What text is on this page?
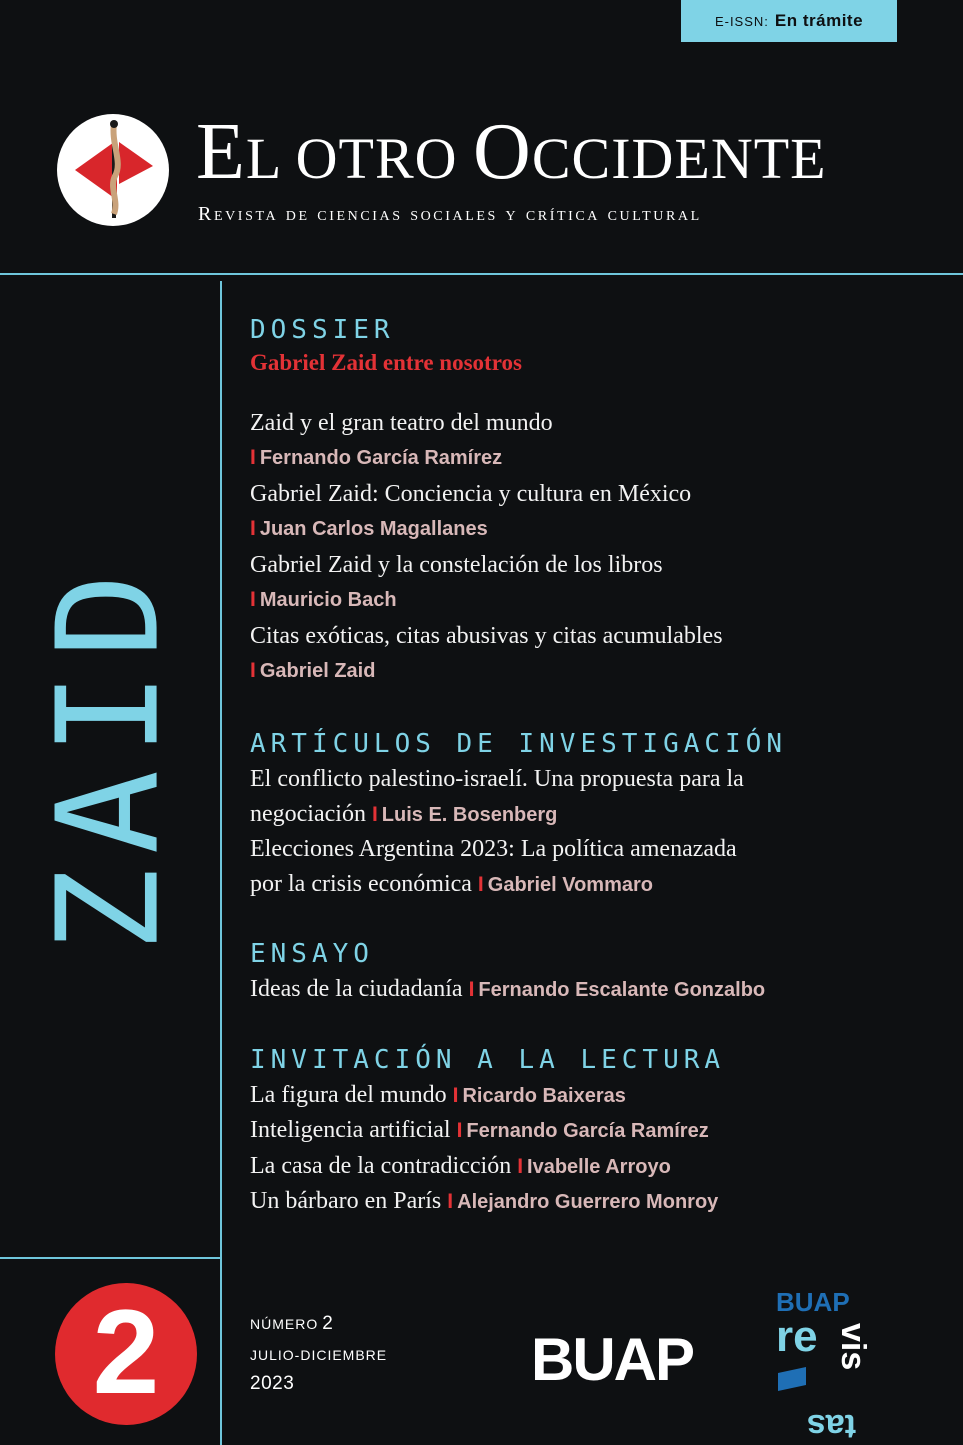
E-ISSN: En trámite
EL OTRO OCCIDENTE
Revista de ciencias sociales y crítica cultural
ZAID
DOSSIER
Gabriel Zaid entre nosotros
Zaid y el gran teatro del mundo
I Fernando García Ramírez
Gabriel Zaid: Conciencia y cultura en México
I Juan Carlos Magallanes
Gabriel Zaid y la constelación de los libros
I Mauricio Bach
Citas exóticas, citas abusivas y citas acumulables
I Gabriel Zaid
ARTÍCULOS DE INVESTIGACIÓN
El conflicto palestino-israelí. Una propuesta para la
negociación I Luis E. Bosenberg
Elecciones Argentina 2023: La política amenazada
por la crisis económica I Gabriel Vommaro
ENSAYO
Ideas de la ciudadanía I Fernando Escalante Gonzalbo
INVITACIÓN A LA LECTURA
La figura del mundo I Ricardo Baixeras
Inteligencia artificial I Fernando García Ramírez
La casa de la contradicción I Ivabelle Arroyo
Un bárbaro en París I Alejandro Guerrero Monroy
2	NÚMERO 2
JULIO-DICIEMBRE
2023	BUAP
BUAP
re vis
tas
